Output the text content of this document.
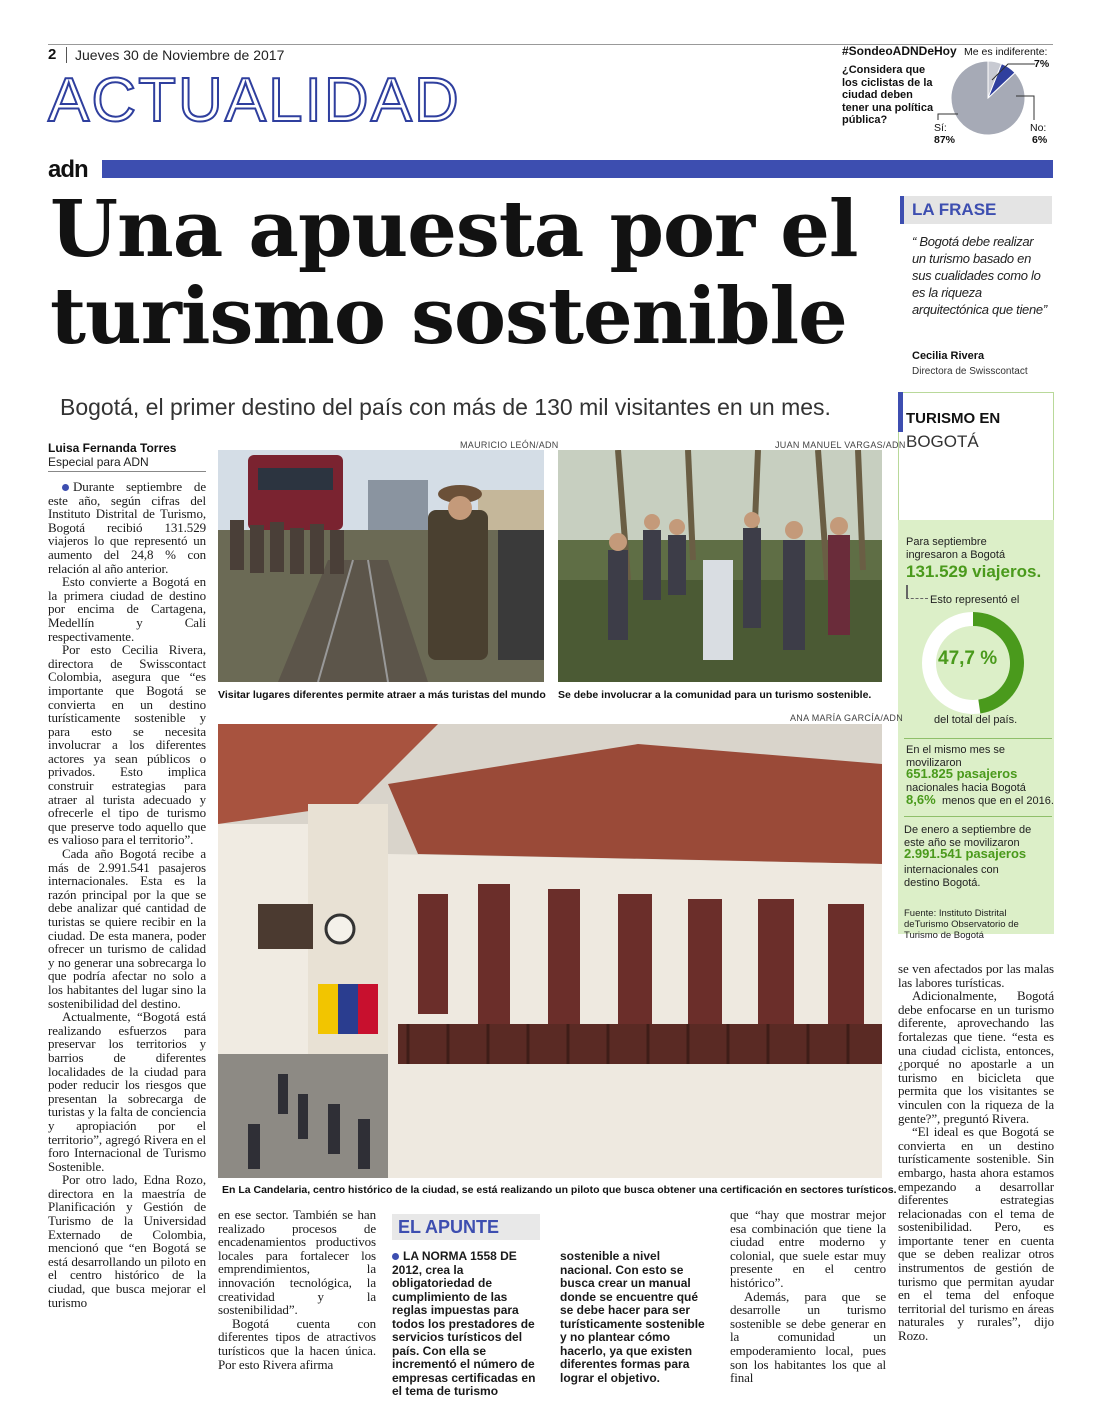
2 Jueves 30 de Noviembre de 2017
ACTUALIDAD
adn
#SondeoADNDeHoy
¿Considera que los ciclistas de la ciudad deben tener una política pública?
Me es indiferente:
7%
Sí:
87%
No:
6%
Una apuesta por el turismo sostenible
Bogotá, el primer destino del país con más de 130 mil visitantes en un mes.
LA FRASE
“ Bogotá debe realizar un turismo basado en sus cualidades como lo es la riqueza arquitectónica que tiene”
Cecilia Rivera
Directora de Swisscontact
TURISMO EN
BOGOTÁ
Para septiembre ingresaron a Bogotá
131.529 viajeros.
Esto representó el
47,7 %
del total del país.
En el mismo mes se movilizaron
651.825 pasajeros
nacionales hacia Bogotá
8,6% menos que en el 2016.
De enero a septiembre de este año se movilizaron
2.991.541 pasajeros
internacionales con destino Bogotá.
Fuente: Instituto Distrital deTurismo Observatorio de Turismo de Bogotá
Luisa Fernanda Torres
Especial para ADN
MAURICIO LEÓN/ADN
Visitar lugares diferentes permite atraer a más turistas del mundo
JUAN MANUEL VARGAS/ADN
Se debe involucrar a la comunidad para un turismo sostenible.
ANA MARÍA GARCÍA/ADN
En La Candelaria, centro histórico de la ciudad, se está realizando un piloto que busca obtener una certificación en sectores turísticos.

Durante septiembre de este año, según cifras del Instituto Distrital de Turismo, Bogotá recibió 131.529 viajeros lo que representó un aumento del 24,8 % con relación al año anterior.

Esto convierte a Bogotá en la primera ciudad de destino por encima de Cartagena, Medellín y Cali respectivamente.

Por esto Cecilia Rivera, directora de Swisscontact Colombia, asegura que “es importante que Bogotá se convierta en un destino turísticamente sostenible y para esto se necesita involucrar a los diferentes actores ya sean públicos o privados. Esto implica construir estrategias para atraer al turista adecuado y ofrecerle el tipo de turismo que preserve todo aquello que es valioso para el territorio”.

Cada año Bogotá recibe a más de 2.991.541 pasajeros internacionales. Esta es la razón principal por la que se debe analizar qué cantidad de turistas se quiere recibir en la ciudad. De esta manera, poder ofrecer un turismo de calidad y no generar una sobrecarga lo que podría afectar no solo a los habitantes del lugar sino la sostenibilidad del destino.

Actualmente, “Bogotá está realizando esfuerzos para preservar los territorios y barrios de diferentes localidades de la ciudad para poder reducir los riesgos que presentan la sobrecarga de turistas y la falta de conciencia y apropiación por el territorio”, agregó Rivera en el foro Internacional de Turismo Sostenible.

Por otro lado, Edna Rozo, directora en la maestría de Planificación y Gestión de Turismo de la Universidad Externado de Colombia, mencionó que “en Bogotá se está desarrollando un piloto en el centro histórico de la ciudad, que busca mejorar el turismo

en ese sector. También se han realizado procesos de encadenamientos productivos locales para fortalecer los emprendimientos, la innovación tecnológica, la creatividad y la sostenibilidad”.

Bogotá cuenta con diferentes tipos de atractivos turísticos que la hacen única. Por esto Rivera afirma

EL APUNTE
LA NORMA 1558 DE 2012, crea la obligatoriedad de cumplimiento de las reglas impuestas para todos los prestadores de servicios turísticos del país. Con ella se incrementó el número de empresas certificadas en el tema de turismo
sostenible a nivel nacional. Con esto se busca crear un manual donde se encuentre qué se debe hacer para ser turísticamente sostenible y no plantear cómo hacerlo, ya que existen diferentes formas para lograr el objetivo.

que “hay que mostrar mejor esa combinación que tiene la ciudad entre moderno y colonial, que suele estar muy presente en el centro histórico”.

Además, para que se desarrolle un turismo sostenible se debe generar en la comunidad un empoderamiento local, pues son los habitantes los que al final

se ven afectados por las malas las labores turísticas.

Adicionalmente, Bogotá debe enfocarse en un turismo diferente, aprovechando las fortalezas que tiene. “esta es una ciudad ciclista, entonces, ¿porqué no apostarle a un turismo en bicicleta que permita que los visitantes se vinculen con la riqueza de la gente?”, preguntó Rivera.

“El ideal es que Bogotá se convierta en un destino turísticamente sostenible. Sin embargo, hasta ahora estamos empezando a desarrollar diferentes estrategias relacionadas con el tema de sostenibilidad. Pero, es importante tener en cuenta que se deben realizar otros instrumentos de gestión de turismo que permitan ayudar en el tema del enfoque territorial del turismo en áreas naturales y rurales”, dijo Rozo.
